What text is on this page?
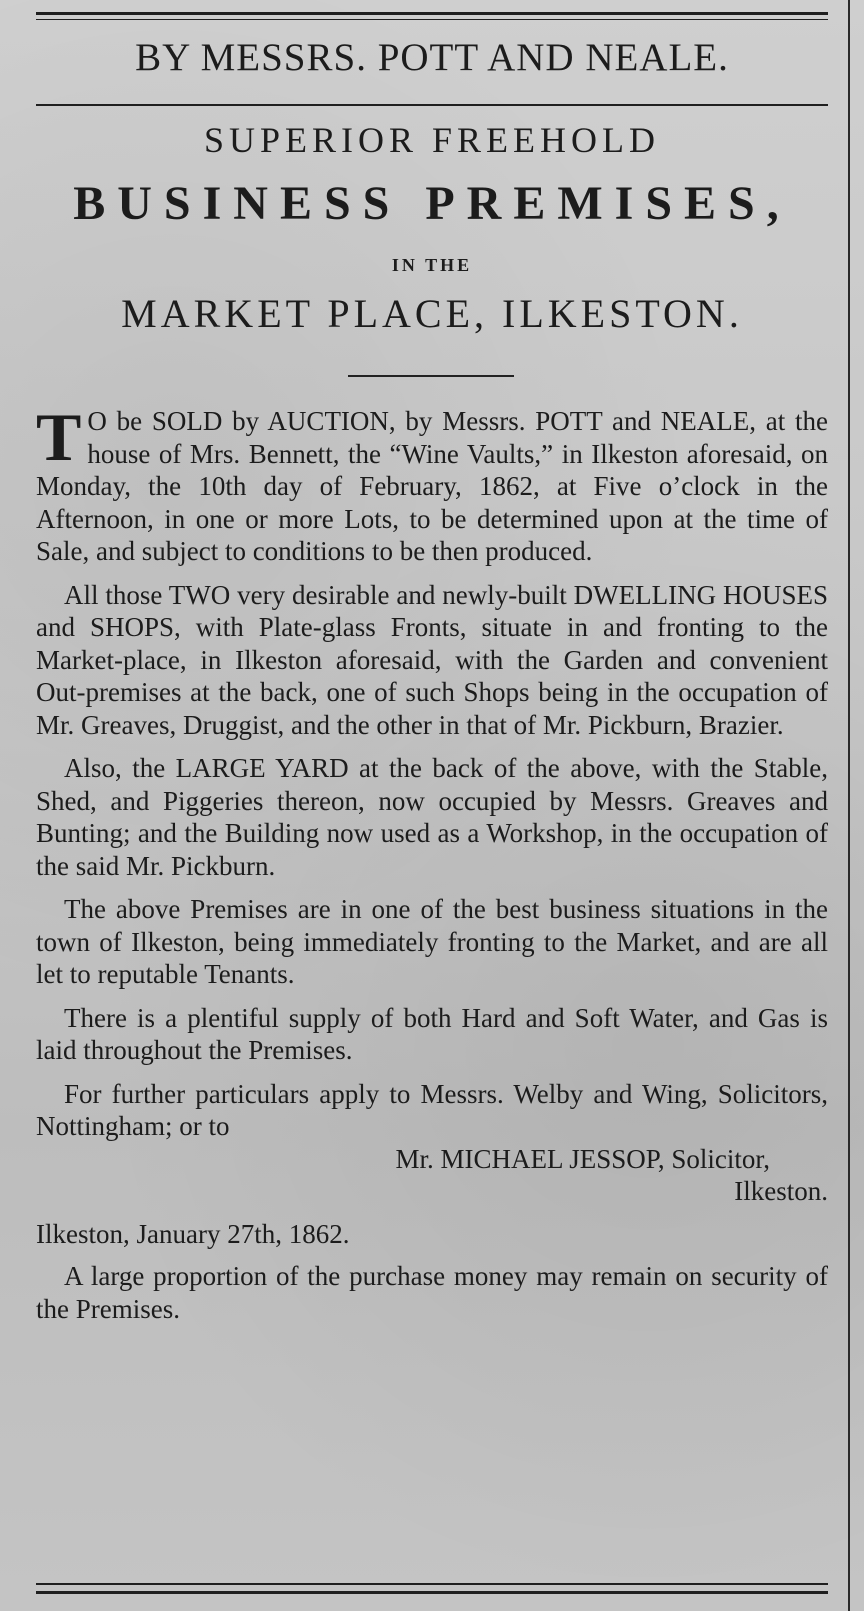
BY MESSRS. POTT AND NEALE.
SUPERIOR FREEHOLD
BUSINESS PREMISES,
IN THE
MARKET PLACE, ILKESTON.

T O be SOLD by AUCTION, by Messrs. POTT and NEALE, at the house of Mrs. Bennett, the “Wine Vaults,” in Ilkeston aforesaid, on Monday, the 10th day of February, 1862, at Five o’clock in the Afternoon, in one or more Lots, to be determined upon at the time of Sale, and subject to conditions to be then produced.

All those TWO very desirable and newly-built DWELLING HOUSES and SHOPS, with Plate-glass Fronts, situate in and fronting to the Market-place, in Ilkeston aforesaid, with the Garden and convenient Out-premises at the back, one of such Shops being in the occupation of Mr. Greaves, Druggist, and the other in that of Mr. Pickburn, Brazier.

Also, the LARGE YARD at the back of the above, with the Stable, Shed, and Piggeries thereon, now occupied by Messrs. Greaves and Bunting; and the Building now used as a Workshop, in the occupation of the said Mr. Pickburn.

The above Premises are in one of the best business situations in the town of Ilkeston, being immediately fronting to the Market, and are all let to reputable Tenants.

There is a plentiful supply of both Hard and Soft Water, and Gas is laid throughout the Premises.

For further particulars apply to Messrs. Welby and Wing, Solicitors, Nottingham; or to

Mr. MICHAEL JESSOP, Solicitor,

Ilkeston.

Ilkeston, January 27th, 1862.

A large proportion of the purchase money may remain on security of the Premises.
